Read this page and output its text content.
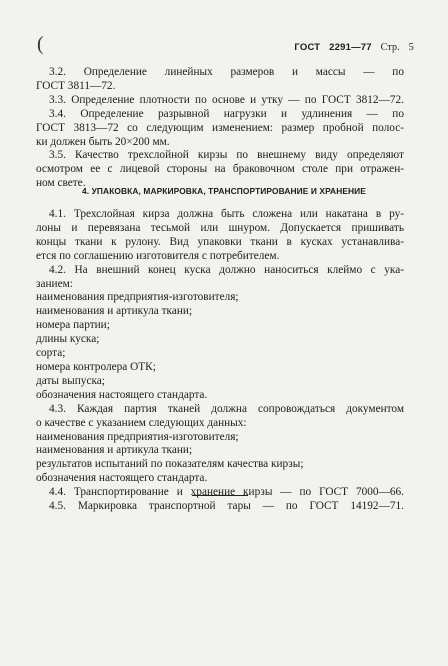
(	ГОСТ 2291—77 Стр. 5
3.2. Определение линейных размеров и массы — по
ГОСТ 3811—72.
3.3. Определение плотности по основе и утку — по ГОСТ 3812—72.
3.4. Определение разрывной нагрузки и удлинения — по
ГОСТ 3813—72 со следующим изменением: размер пробной полос-
ки должен быть 20×200 мм.
3.5. Качество трехслойной кирзы по внешнему виду определяют
осмотром ее с лицевой стороны на браковочном столе при отражен-
ном свете.
4. УПАКОВКА, МАРКИРОВКА, ТРАНСПОРТИРОВАНИЕ И ХРАНЕНИЕ
4.1. Трехслойная кирза должна быть сложена или накатана в ру-
лоны и перевязана тесьмой или шнуром. Допускается пришивать
концы ткани к рулону. Вид упаковки ткани в кусках устанавлива-
ется по соглашению изготовителя с потребителем.
4.2. На внешний конец куска должно наноситься клеймо с ука-
занием:
наименования предприятия-изготовителя;
наименования и артикула ткани;
номера партии;
длины куска;
сорта;
номера контролера ОТК;
даты выпуска;
обозначения настоящего стандарта.
4.3. Каждая партия тканей должна сопровождаться документом
о качестве с указанием следующих данных:
наименования предприятия-изготовителя;
наименования и артикула ткани;
результатов испытаний по показателям качества кирзы;
обозначения настоящего стандарта.
4.4. Транспортирование и хранение кирзы — по ГОСТ 7000—66.
4.5. Маркировка транспортной тары — по ГОСТ 14192—71.
